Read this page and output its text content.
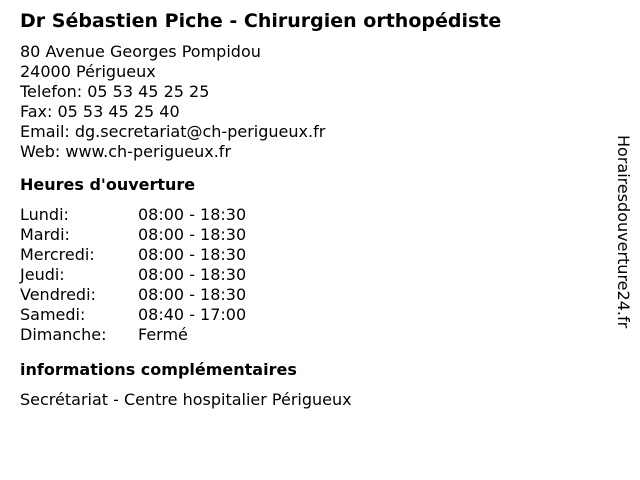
Dr Sébastien Piche - Chirurgien orthopédiste
80 Avenue Georges Pompidou
24000 Périgueux
Telefon: 05 53 45 25 25
Fax: 05 53 45 25 40
Email: dg.secretariat@ch-perigueux.fr
Web: www.ch-perigueux.fr
Heures d'ouverture
Lundi:	08:00 - 18:30
Mardi:	08:00 - 18:30
Mercredi:	08:00 - 18:30
Jeudi:	08:00 - 18:30
Vendredi:	08:00 - 18:30
Samedi:	08:40 - 17:00
Dimanche:	Fermé
informations complémentaires
Secrétariat - Centre hospitalier Périgueux
Horairesdouverture24.fr
